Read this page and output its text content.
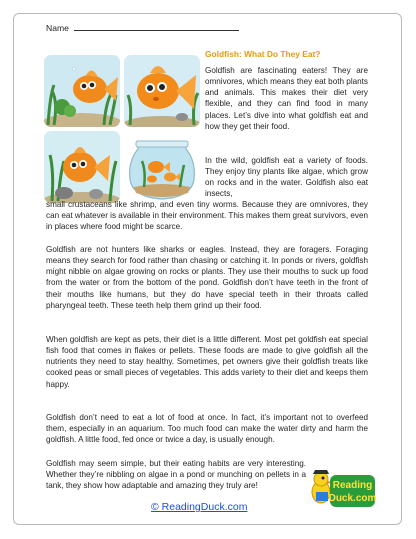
Name
Goldfish: What Do They Eat?

Goldfish are fascinating eaters! They are omnivores, which means they eat both plants and animals. This makes their diet very flexible, and they can find food in many places. Let’s dive into what goldfish eat and how they get their food.

In the wild, goldfish eat a variety of foods. They enjoy tiny plants like algae, which grow on rocks and in the water. Goldfish also eat insects,

small crustaceans like shrimp, and even tiny worms. Because they are omnivores, they can eat whatever is available in their environment. This makes them great survivors, even in places where food might be scarce.

Goldfish are not hunters like sharks or eagles. Instead, they are foragers. Foraging means they search for food rather than chasing or catching it. In ponds or rivers, goldfish might nibble on algae growing on rocks or plants. They use their mouths to suck up food from the water or from the bottom of the pond. Goldfish don’t have teeth in the front of their mouths like humans, but they do have special teeth in their throats called pharyngeal teeth. These teeth help them grind up their food.

When goldfish are kept as pets, their diet is a little different. Most pet goldfish eat special fish food that comes in flakes or pellets. These foods are made to give goldfish all the nutrients they need to stay healthy. Sometimes, pet owners give their goldfish treats like cooked peas or small pieces of vegetables. This adds variety to their diet and keeps them happy.

Goldfish don’t need to eat a lot of food at once. In fact, it’s important not to overfeed them, especially in an aquarium. Too much food can make the water dirty and harm the goldfish. A little food, fed once or twice a day, is usually enough.

Goldfish may seem simple, but their eating habits are very interesting. Whether they’re nibbling on algae in a pond or munching on pellets in a tank, they show how adaptable and amazing they truly are!

© ReadingDuck.com
Reading
Duck.com
